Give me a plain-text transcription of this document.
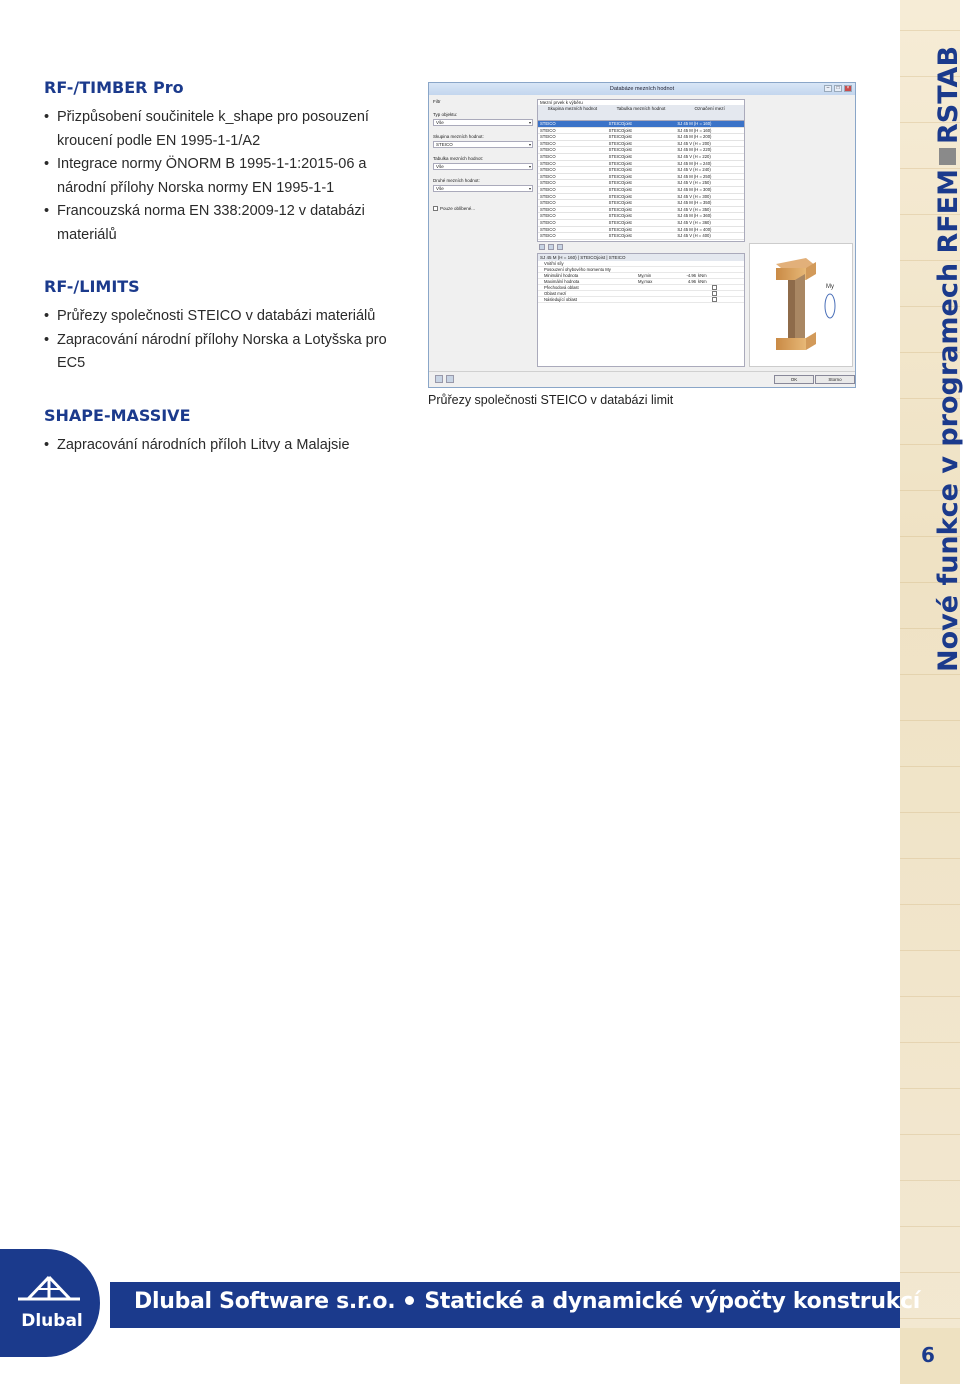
RF-/TIMBER Pro
• Přizpůsobení součinitele k_shape pro posouzení kroucení podle EN 1995-1-1/A2
• Integrace normy ÖNORM B 1995-1-1:2015-06 a národní přílohy Norska normy EN 1995-1-1
• Francouzská norma EN 338:2009-12 v databázi materiálů
RF-/LIMITS
• Průřezy společnosti STEICO v databázi materiálů
• Zapracování národní přílohy Norska a Lotyšska pro EC5
SHAPE-MASSIVE
• Zapracování národních příloh Litvy a Malajsie
Databáze mezních hodnot	–	□	×
Filtr
Typ objektu:
Vše ▾
Skupina mezních hodnot:
STEICO ▾
Tabulka mezních hodnot:
Vše ▾
Druhé mezních hodnot:
Vše ▾
Pouze oblíbené...
Mezní prvek k výběru
Skupina mezních hodnot	Tabulka mezních hodnot	Označení mezí
STEICO	STEICOjoist	SJ 45 M (H = 160)
STEICO	STEICOjoist	SJ 45 M (H = 160)
STEICO	STEICOjoist	SJ 45 M (H = 200)
STEICO	STEICOjoist	SJ 45 V (H = 200)
STEICO	STEICOjoist	SJ 45 M (H = 220)
STEICO	STEICOjoist	SJ 45 V (H = 220)
STEICO	STEICOjoist	SJ 45 M (H = 240)
STEICO	STEICOjoist	SJ 45 V (H = 240)
STEICO	STEICOjoist	SJ 45 M (H = 250)
STEICO	STEICOjoist	SJ 45 V (H = 250)
STEICO	STEICOjoist	SJ 45 M (H = 300)
STEICO	STEICOjoist	SJ 45 V (H = 300)
STEICO	STEICOjoist	SJ 45 M (H = 350)
STEICO	STEICOjoist	SJ 45 V (H = 350)
STEICO	STEICOjoist	SJ 45 M (H = 360)
STEICO	STEICOjoist	SJ 45 V (H = 360)
STEICO	STEICOjoist	SJ 45 M (H = 400)
STEICO	STEICOjoist	SJ 45 V (H = 400)
SJ 45 M (H = 160) | STEICOjoist | STEICO
Vnitřní síly
Posouzení ohybového momentu My
Minimální hodnota	My,min	-4.96 kNm
Maximální hodnota	My,max	4.96 kNm
Přechodová oblast
Oblast mezí
Následující oblast
My
OK	Storno
Průřezy společnosti STEICO v databázi limit	Nové funkce v programech RFEMRSTAB
6
Dlubal Software s.r.o. Statické a dynamické výpočty konstrukcí
Dlubal
